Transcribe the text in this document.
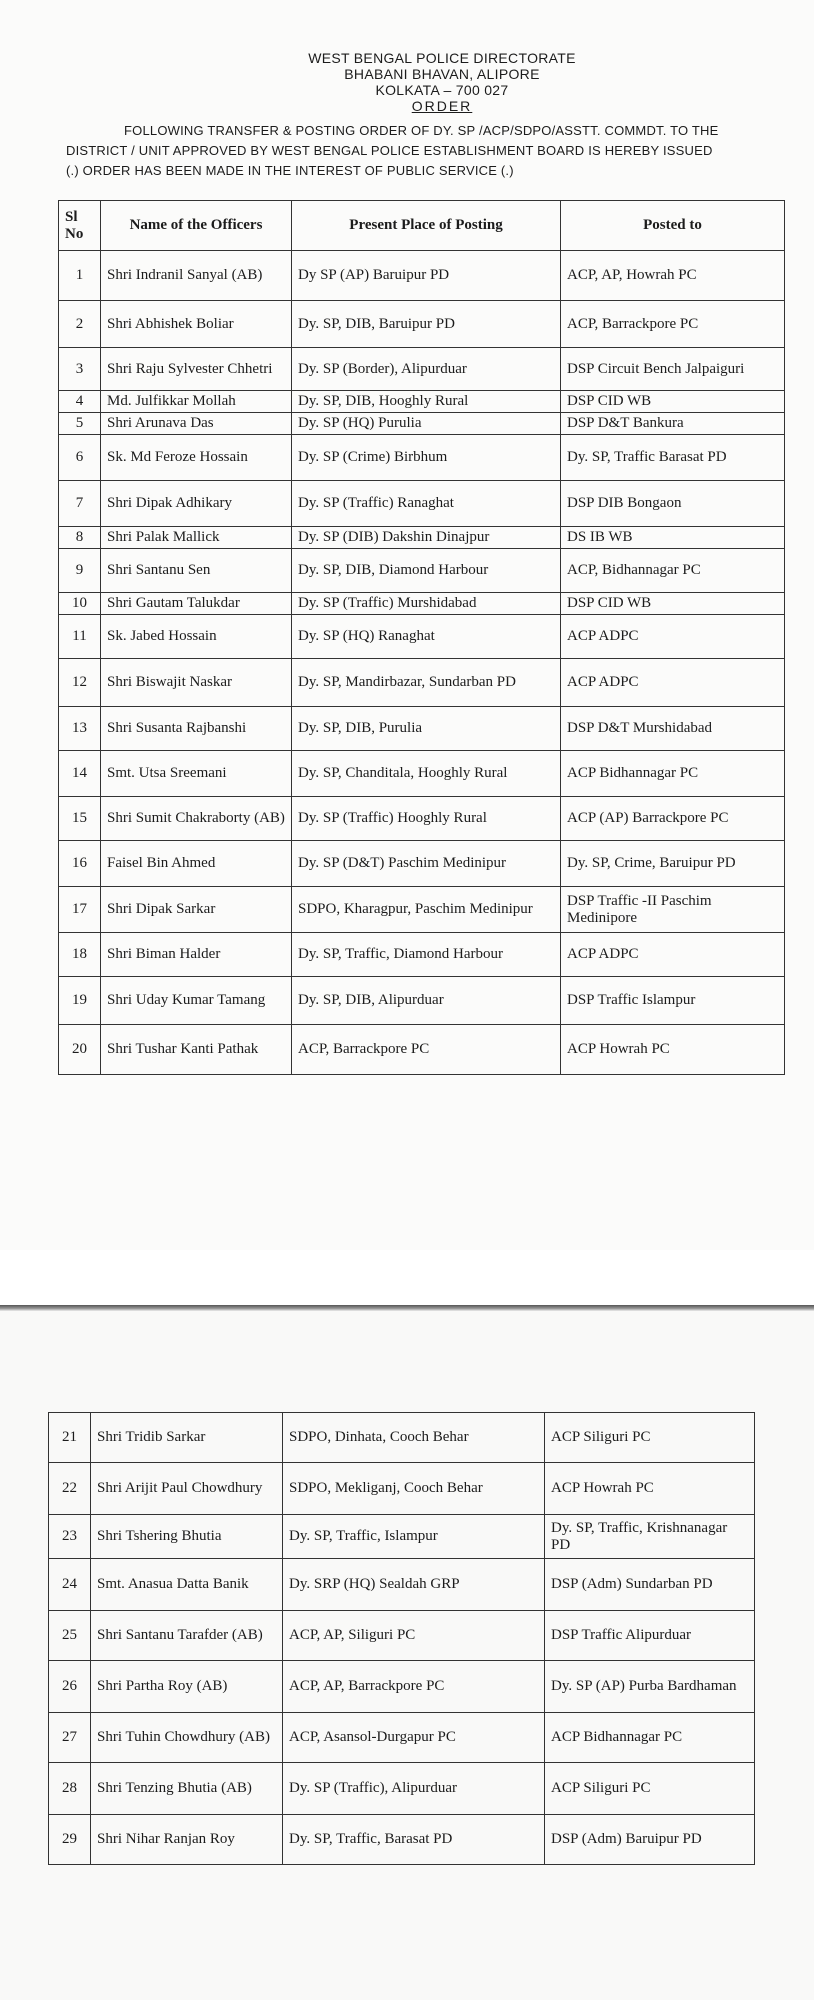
WEST BENGAL POLICE DIRECTORATE
BHABANI BHAVAN, ALIPORE
KOLKATA – 700 027
ORDER
FOLLOWING TRANSFER & POSTING ORDER OF DY. SP /ACP/SDPO/ASSTT. COMMDT. TO THE
DISTRICT / UNIT APPROVED BY WEST BENGAL POLICE ESTABLISHMENT BOARD IS HEREBY ISSUED
(.) ORDER HAS BEEN MADE IN THE INTEREST OF PUBLIC SERVICE (.)
Sl No	Name of the Officers	Present Place of Posting	Posted to
1	Shri Indranil Sanyal (AB)	Dy SP (AP) Baruipur PD	ACP, AP, Howrah PC
2	Shri Abhishek Boliar	Dy. SP, DIB, Baruipur PD	ACP, Barrackpore PC
3	Shri Raju Sylvester Chhetri	Dy. SP (Border), Alipurduar	DSP Circuit Bench Jalpaiguri
4	Md. Julfikkar Mollah	Dy. SP, DIB, Hooghly Rural	DSP CID WB
5	Shri Arunava Das	Dy. SP (HQ) Purulia	DSP D&T Bankura
6	Sk. Md Feroze Hossain	Dy. SP (Crime) Birbhum	Dy. SP, Traffic Barasat PD
7	Shri Dipak Adhikary	Dy. SP (Traffic) Ranaghat	DSP DIB Bongaon
8	Shri Palak Mallick	Dy. SP (DIB) Dakshin Dinajpur	DS IB WB
9	Shri Santanu Sen	Dy. SP, DIB, Diamond Harbour	ACP, Bidhannagar PC
10	Shri Gautam Talukdar	Dy. SP (Traffic) Murshidabad	DSP CID WB
11	Sk. Jabed Hossain	Dy. SP (HQ) Ranaghat	ACP ADPC
12	Shri Biswajit Naskar	Dy. SP, Mandirbazar, Sundarban PD	ACP ADPC
13	Shri Susanta Rajbanshi	Dy. SP, DIB, Purulia	DSP D&T Murshidabad
14	Smt. Utsa Sreemani	Dy. SP, Chanditala, Hooghly Rural	ACP Bidhannagar PC
15	Shri Sumit Chakraborty (AB)	Dy. SP (Traffic) Hooghly Rural	ACP (AP) Barrackpore PC
16	Faisel Bin Ahmed	Dy. SP (D&T) Paschim Medinipur	Dy. SP, Crime, Baruipur PD
17	Shri Dipak Sarkar	SDPO, Kharagpur, Paschim Medinipur	DSP Traffic -II Paschim Medinipore
18	Shri Biman Halder	Dy. SP, Traffic, Diamond Harbour	ACP ADPC
19	Shri Uday Kumar Tamang	Dy. SP, DIB, Alipurduar	DSP Traffic Islampur
20	Shri Tushar Kanti Pathak	ACP, Barrackpore PC	ACP Howrah PC
21	Shri Tridib Sarkar	SDPO, Dinhata, Cooch Behar	ACP Siliguri PC
22	Shri Arijit Paul Chowdhury	SDPO, Mekliganj, Cooch Behar	ACP Howrah PC
23	Shri Tshering Bhutia	Dy. SP, Traffic, Islampur	Dy. SP, Traffic, Krishnanagar PD
24	Smt. Anasua Datta Banik	Dy. SRP (HQ) Sealdah GRP	DSP (Adm) Sundarban PD
25	Shri Santanu Tarafder (AB)	ACP, AP, Siliguri PC	DSP Traffic Alipurduar
26	Shri Partha Roy (AB)	ACP, AP, Barrackpore PC	Dy. SP (AP) Purba Bardhaman
27	Shri Tuhin Chowdhury (AB)	ACP, Asansol-Durgapur PC	ACP Bidhannagar PC
28	Shri Tenzing Bhutia (AB)	Dy. SP (Traffic), Alipurduar	ACP Siliguri PC
29	Shri Nihar Ranjan Roy	Dy. SP, Traffic, Barasat PD	DSP (Adm) Baruipur PD
